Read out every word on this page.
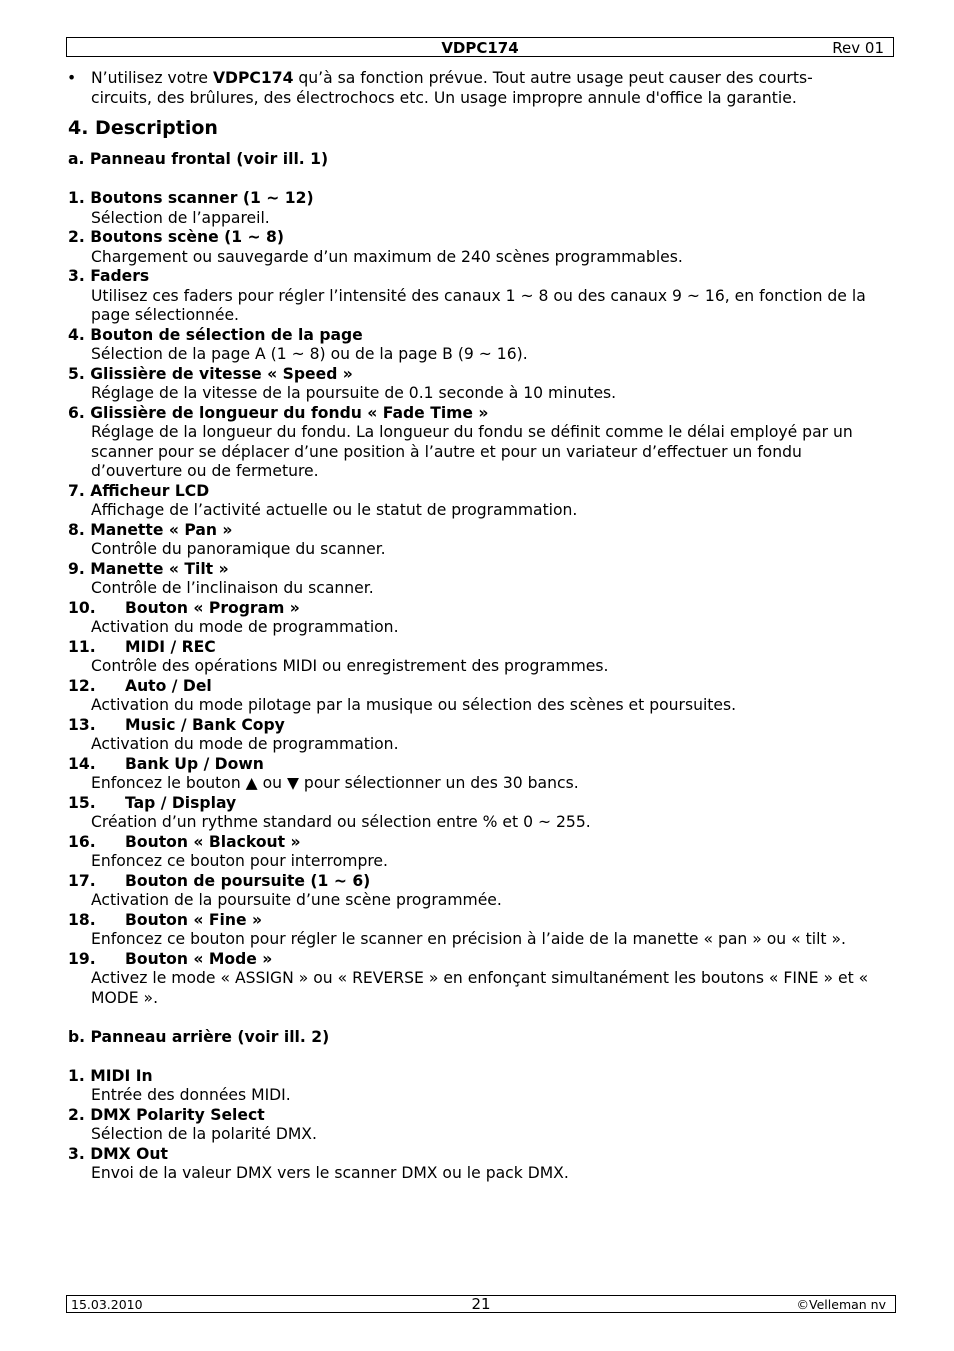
VDPC174	Rev 01
• N’utilisez votre VDPC174 qu’à sa fonction prévue. Tout autre usage peut causer des courts-circuits, des brûlures, des électrochocs etc. Un usage impropre annule d'office la garantie.
4. Description
a. Panneau frontal (voir ill. 1)
1. Boutons scanner (1 ~ 12)
Sélection de l’appareil.
2. Boutons scène (1 ~ 8)
Chargement ou sauvegarde d’un maximum de 240 scènes programmables.
3. Faders
Utilisez ces faders pour régler l’intensité des canaux 1 ~ 8 ou des canaux 9 ~ 16, en fonction de la page sélectionnée.
4. Bouton de sélection de la page
Sélection de la page A (1 ~ 8) ou de la page B (9 ~ 16).
5. Glissière de vitesse « Speed »
Réglage de la vitesse de la poursuite de 0.1 seconde à 10 minutes.
6. Glissière de longueur du fondu « Fade Time »
Réglage de la longueur du fondu. La longueur du fondu se définit comme le délai employé par un scanner pour se déplacer d’une position à l’autre et pour un variateur d’effectuer un fondu d’ouverture ou de fermeture.
7. Afficheur LCD
Affichage de l’activité actuelle ou le statut de programmation.
8. Manette « Pan »
Contrôle du panoramique du scanner.
9. Manette « Tilt »
Contrôle de l’inclinaison du scanner.
10. Bouton « Program »
Activation du mode de programmation.
11. MIDI / REC
Contrôle des opérations MIDI ou enregistrement des programmes.
12. Auto / Del
Activation du mode pilotage par la musique ou sélection des scènes et poursuites.
13. Music / Bank Copy
Activation du mode de programmation.
14. Bank Up / Down
Enfoncez le bouton ▲ ou ▼ pour sélectionner un des 30 bancs.
15. Tap / Display
Création d’un rythme standard ou sélection entre % et 0 ~ 255.
16. Bouton « Blackout »
Enfoncez ce bouton pour interrompre.
17. Bouton de poursuite (1 ~ 6)
Activation de la poursuite d’une scène programmée.
18. Bouton « Fine »
Enfoncez ce bouton pour régler le scanner en précision à l’aide de la manette « pan » ou « tilt ».
19. Bouton « Mode »
Activez le mode « ASSIGN » ou « REVERSE » en enfonçant simultanément les boutons « FINE » et « MODE ».
b. Panneau arrière (voir ill. 2)
1. MIDI In
Entrée des données MIDI.
2. DMX Polarity Select
Sélection de la polarité DMX.
3. DMX Out
Envoi de la valeur DMX vers le scanner DMX ou le pack DMX.
15.03.2010	21	©Velleman nv
